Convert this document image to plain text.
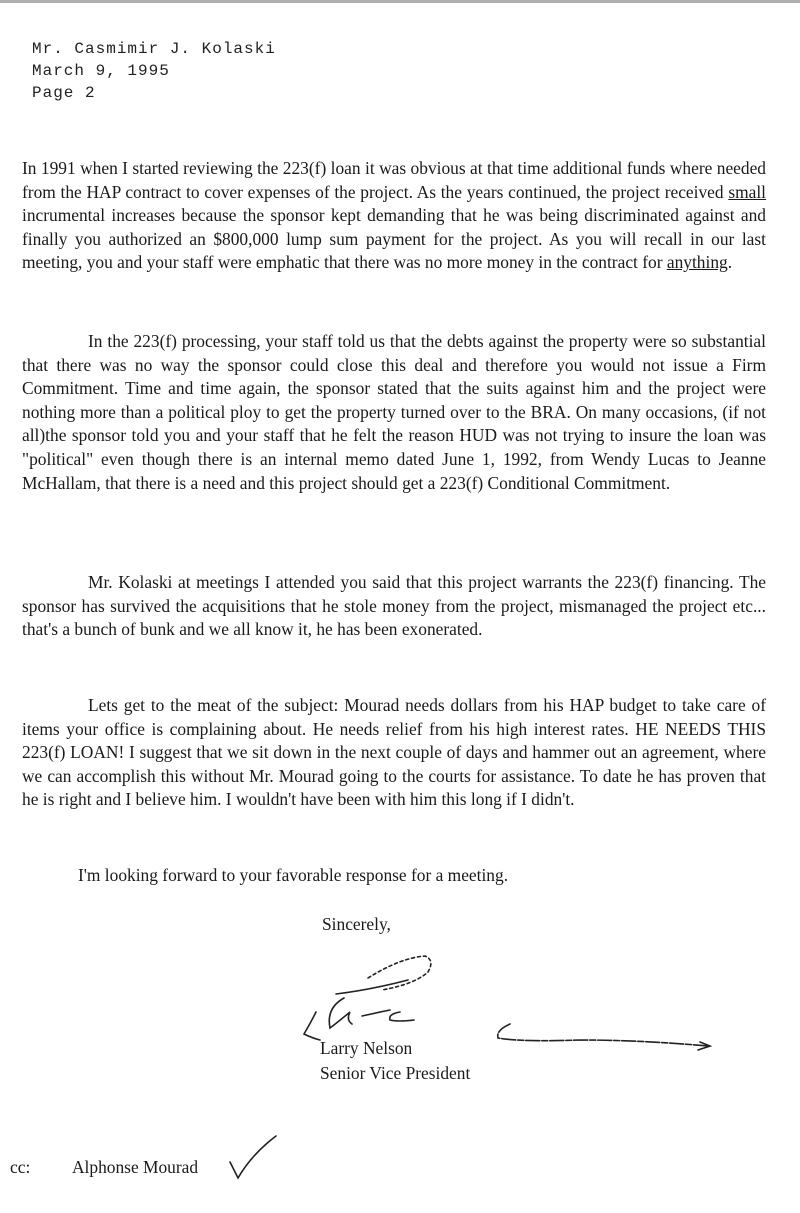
Mr. Casmimir J. Kolaski
March 9, 1995
Page 2

In 1991 when I started reviewing the 223(f) loan it was obvious at that time additional funds where needed from the HAP contract to cover expenses of the project. As the years continued, the project received small incrumental increases because the sponsor kept demanding that he was being discriminated against and finally you authorized an $800,000 lump sum payment for the project. As you will recall in our last meeting, you and your staff were emphatic that there was no more money in the contract for anything.

In the 223(f) processing, your staff told us that the debts against the property were so substantial that there was no way the sponsor could close this deal and therefore you would not issue a Firm Commitment. Time and time again, the sponsor stated that the suits against him and the project were nothing more than a political ploy to get the property turned over to the BRA. On many occasions, (if not all)the sponsor told you and your staff that he felt the reason HUD was not trying to insure the loan was "political" even though there is an internal memo dated June 1, 1992, from Wendy Lucas to Jeanne McHallam, that there is a need and this project should get a 223(f) Conditional Commitment.

Mr. Kolaski at meetings I attended you said that this project warrants the 223(f) financing. The sponsor has survived the acquisitions that he stole money from the project, mismanaged the project etc... that's a bunch of bunk and we all know it, he has been exonerated.

Lets get to the meat of the subject: Mourad needs dollars from his HAP budget to take care of items your office is complaining about. He needs relief from his high interest rates. HE NEEDS THIS 223(f) LOAN! I suggest that we sit down in the next couple of days and hammer out an agreement, where we can accomplish this without Mr. Mourad going to the courts for assistance. To date he has proven that he is right and I believe him. I wouldn't have been with him this long if I didn't.

I'm looking forward to your favorable response for a meeting.

Sincerely,
Larry Nelson
Senior Vice President
cc: Alphonse Mourad
